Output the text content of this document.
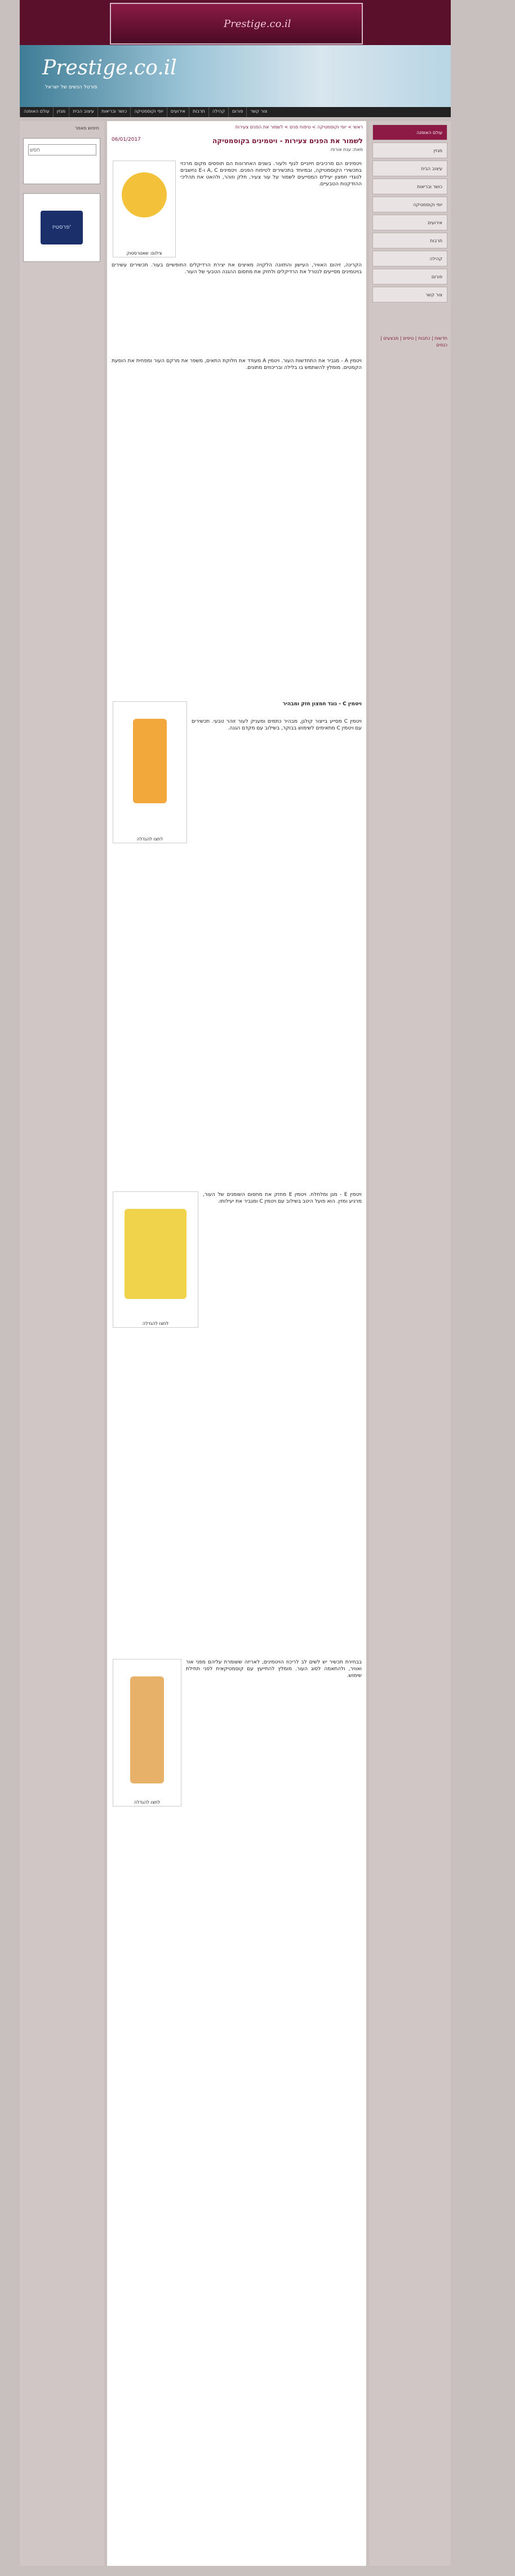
Prestige.co.il
Prestige.co.il
פורטל הנשים של ישראל
עולם האופנה	מגזין	עיצוב הבית	כושר ובריאות	יופי וקוסמטיקה	אירועים	תרבות	קהילה	פורום	צור קשר
חיפוש מאמר
חפש
פרסטיז'
ראשי > יופי וקוסמטיקה > טיפוח פנים > לשמור את הפנים צעירות
לשמור את הפנים צעירות - ויטמינים בקוסמטיקה
06/01/2017
מאת: ענת אורפז
צילום: שאטרסטוק
ויטמינים הם מרכיבים חיוניים לגוף ולעור. בשנים האחרונות הם תופסים מקום מרכזי בתכשירי הקוסמטיקה, ובמיוחד בתכשירים לטיפוח הפנים. ויטמינים A, C ו-E נחשבים לנוגדי חמצון יעילים המסייעים לשמור על עור צעיר, חלק וזוהר, ולהאט את תהליכי ההזדקנות הטבעיים.
הקרינה, זיהום האוויר, העישון והתזונה הלקויה מאיצים את יצירת הרדיקלים החופשיים בעור. תכשירים עשירים בויטמינים מסייעים לנטרל את הרדיקלים ולחזק את מחסום ההגנה הטבעי של העור.
ויטמין A - מגביר את התחדשות העור. ויטמין A מעודד את חלוקת התאים, משפר את מרקם העור ומפחית את הופעת הקמטים. מומלץ להשתמש בו בלילה ובריכוזים מתונים.
לחצו להגדלה
ויטמין C - נוגד חמצון חזק ומבהיר
ויטמין C מסייע בייצור קולגן, מבהיר כתמים ומעניק לעור זוהר טבעי. תכשירים עם ויטמין C מתאימים לשימוש בבוקר, בשילוב עם מקדם הגנה.
לחצו להגדלה
ויטמין E - מגן ומלחלח. ויטמין E מחזק את מחסום השומנים של העור, מרגיע ומזין. הוא פועל היטב בשילוב עם ויטמין C ומגביר את יעילותו.
לחצו להגדלה
בבחירת תכשיר יש לשים לב לריכוז הויטמינים, לאריזה ששומרת עליהם מפני אור ואוויר, ולהתאמה לסוג העור. מומלץ להתייעץ עם קוסמטיקאית לפני תחילת שימוש.
עולם האופנה
מגזין
עיצוב הבית
כושר ובריאות
יופי וקוסמטיקה
אירועים
תרבות
קהילה
פורום
צור קשר
חדשות | כתבות | טיפים | מבצעים | כנסים
